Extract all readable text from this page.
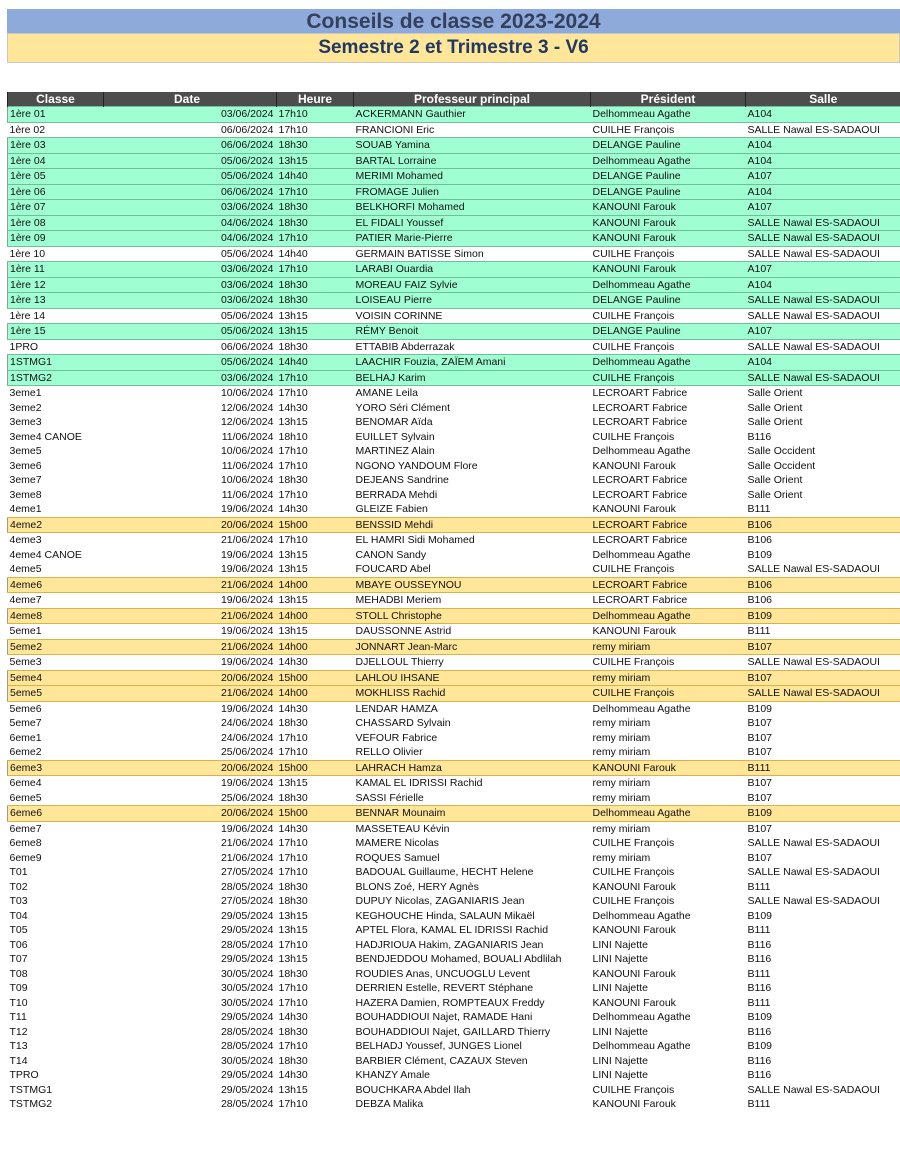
Conseils de classe 2023-2024
Semestre 2 et Trimestre 3 - V6
Classe	Date	Heure	Professeur principal	Président	Salle
1ère 01	03/06/2024	17h10	ACKERMANN Gauthier	Delhommeau Agathe	A104
1ère 02	06/06/2024	17h10	FRANCIONI Eric	CUILHE François	SALLE Nawal ES-SADAOUI
1ère 03	06/06/2024	18h30	SOUAB Yamina	DELANGE Pauline	A104
1ère 04	05/06/2024	13h15	BARTAL Lorraine	Delhommeau Agathe	A104
1ère 05	05/06/2024	14h40	MERIMI Mohamed	DELANGE Pauline	A107
1ère 06	06/06/2024	17h10	FROMAGE Julien	DELANGE Pauline	A104
1ère 07	03/06/2024	18h30	BELKHORFI Mohamed	KANOUNI Farouk	A107
1ère 08	04/06/2024	18h30	EL FIDALI Youssef	KANOUNI Farouk	SALLE Nawal ES-SADAOUI
1ère 09	04/06/2024	17h10	PATIER Marie-Pierre	KANOUNI Farouk	SALLE Nawal ES-SADAOUI
1ère 10	05/06/2024	14h40	GERMAIN BATISSE Simon	CUILHE François	SALLE Nawal ES-SADAOUI
1ère 11	03/06/2024	17h10	LARABI Ouardia	KANOUNI Farouk	A107
1ère 12	03/06/2024	18h30	MOREAU FAIZ Sylvie	Delhommeau Agathe	A104
1ère 13	03/06/2024	18h30	LOISEAU Pierre	DELANGE Pauline	SALLE Nawal ES-SADAOUI
1ère 14	05/06/2024	13h15	VOISIN CORINNE	CUILHE François	SALLE Nawal ES-SADAOUI
1ère 15	05/06/2024	13h15	RÉMY Benoit	DELANGE Pauline	A107
1PRO	06/06/2024	18h30	ETTABIB Abderrazak	CUILHE François	SALLE Nawal ES-SADAOUI
1STMG1	05/06/2024	14h40	LAACHIR Fouzia, ZAÏEM Amani	Delhommeau Agathe	A104
1STMG2	03/06/2024	17h10	BELHAJ Karim	CUILHE François	SALLE Nawal ES-SADAOUI
3eme1	10/06/2024	17h10	AMANE Leila	LECROART Fabrice	Salle Orient
3eme2	12/06/2024	14h30	YORO Séri Clément	LECROART Fabrice	Salle Orient
3eme3	12/06/2024	13h15	BENOMAR Aïda	LECROART Fabrice	Salle Orient
3eme4 CANOE	11/06/2024	18h10	EUILLET Sylvain	CUILHE François	B116
3eme5	10/06/2024	17h10	MARTINEZ Alain	Delhommeau Agathe	Salle Occident
3eme6	11/06/2024	17h10	NGONO YANDOUM Flore	KANOUNI Farouk	Salle Occident
3eme7	10/06/2024	18h30	DEJEANS Sandrine	LECROART Fabrice	Salle Orient
3eme8	11/06/2024	17h10	BERRADA Mehdi	LECROART Fabrice	Salle Orient
4eme1	19/06/2024	14h30	GLEIZE Fabien	KANOUNI Farouk	B111
4eme2	20/06/2024	15h00	BENSSID Mehdi	LECROART Fabrice	B106
4eme3	21/06/2024	17h10	EL HAMRI Sidi Mohamed	LECROART Fabrice	B106
4eme4 CANOE	19/06/2024	13h15	CANON Sandy	Delhommeau Agathe	B109
4eme5	19/06/2024	13h15	FOUCARD Abel	CUILHE François	SALLE Nawal ES-SADAOUI
4eme6	21/06/2024	14h00	MBAYE OUSSEYNOU	LECROART Fabrice	B106
4eme7	19/06/2024	13h15	MEHADBI Meriem	LECROART Fabrice	B106
4eme8	21/06/2024	14h00	STOLL Christophe	Delhommeau Agathe	B109
5eme1	19/06/2024	13h15	DAUSSONNE Astrid	KANOUNI Farouk	B111
5eme2	21/06/2024	14h00	JONNART Jean-Marc	remy miriam	B107
5eme3	19/06/2024	14h30	DJELLOUL Thierry	CUILHE François	SALLE Nawal ES-SADAOUI
5eme4	20/06/2024	15h00	LAHLOU IHSANE	remy miriam	B107
5eme5	21/06/2024	14h00	MOKHLISS Rachid	CUILHE François	SALLE Nawal ES-SADAOUI
5eme6	19/06/2024	14h30	LENDAR HAMZA	Delhommeau Agathe	B109
5eme7	24/06/2024	18h30	CHASSARD Sylvain	remy miriam	B107
6eme1	24/06/2024	17h10	VEFOUR Fabrice	remy miriam	B107
6eme2	25/06/2024	17h10	RELLO Olivier	remy miriam	B107
6eme3	20/06/2024	15h00	LAHRACH Hamza	KANOUNI Farouk	B111
6eme4	19/06/2024	13h15	KAMAL EL IDRISSI Rachid	remy miriam	B107
6eme5	25/06/2024	18h30	SASSI Férielle	remy miriam	B107
6eme6	20/06/2024	15h00	BENNAR Mounaim	Delhommeau Agathe	B109
6eme7	19/06/2024	14h30	MASSETEAU Kévin	remy miriam	B107
6eme8	21/06/2024	17h10	MAMERE Nicolas	CUILHE François	SALLE Nawal ES-SADAOUI
6eme9	21/06/2024	17h10	ROQUES Samuel	remy miriam	B107
T01	27/05/2024	17h10	BADOUAL Guillaume, HECHT Helene	CUILHE François	SALLE Nawal ES-SADAOUI
T02	28/05/2024	18h30	BLONS Zoé, HERY Agnès	KANOUNI Farouk	B111
T03	27/05/2024	18h30	DUPUY Nicolas, ZAGANIARIS Jean	CUILHE François	SALLE Nawal ES-SADAOUI
T04	29/05/2024	13h15	KEGHOUCHE Hinda, SALAUN Mikaël	Delhommeau Agathe	B109
T05	29/05/2024	13h15	APTEL Flora, KAMAL EL IDRISSI Rachid	KANOUNI Farouk	B111
T06	28/05/2024	17h10	HADJRIOUA Hakim, ZAGANIARIS Jean	LINI Najette	B116
T07	29/05/2024	13h15	BENDJEDDOU Mohamed, BOUALI Abdlilah	LINI Najette	B116
T08	30/05/2024	18h30	ROUDIES Anas, UNCUOGLU Levent	KANOUNI Farouk	B111
T09	30/05/2024	17h10	DERRIEN Estelle, REVERT Stéphane	LINI Najette	B116
T10	30/05/2024	17h10	HAZERA Damien, ROMPTEAUX Freddy	KANOUNI Farouk	B111
T11	29/05/2024	14h30	BOUHADDIOUI Najet, RAMADE Hani	Delhommeau Agathe	B109
T12	28/05/2024	18h30	BOUHADDIOUI Najet, GAILLARD Thierry	LINI Najette	B116
T13	28/05/2024	17h10	BELHADJ Youssef, JUNGES Lionel	Delhommeau Agathe	B109
T14	30/05/2024	18h30	BARBIER Clément, CAZAUX Steven	LINI Najette	B116
TPRO	29/05/2024	14h30	KHANZY Amale	LINI Najette	B116
TSTMG1	29/05/2024	13h15	BOUCHKARA Abdel Ilah	CUILHE François	SALLE Nawal ES-SADAOUI
TSTMG2	28/05/2024	17h10	DEBZA Malika	KANOUNI Farouk	B111
